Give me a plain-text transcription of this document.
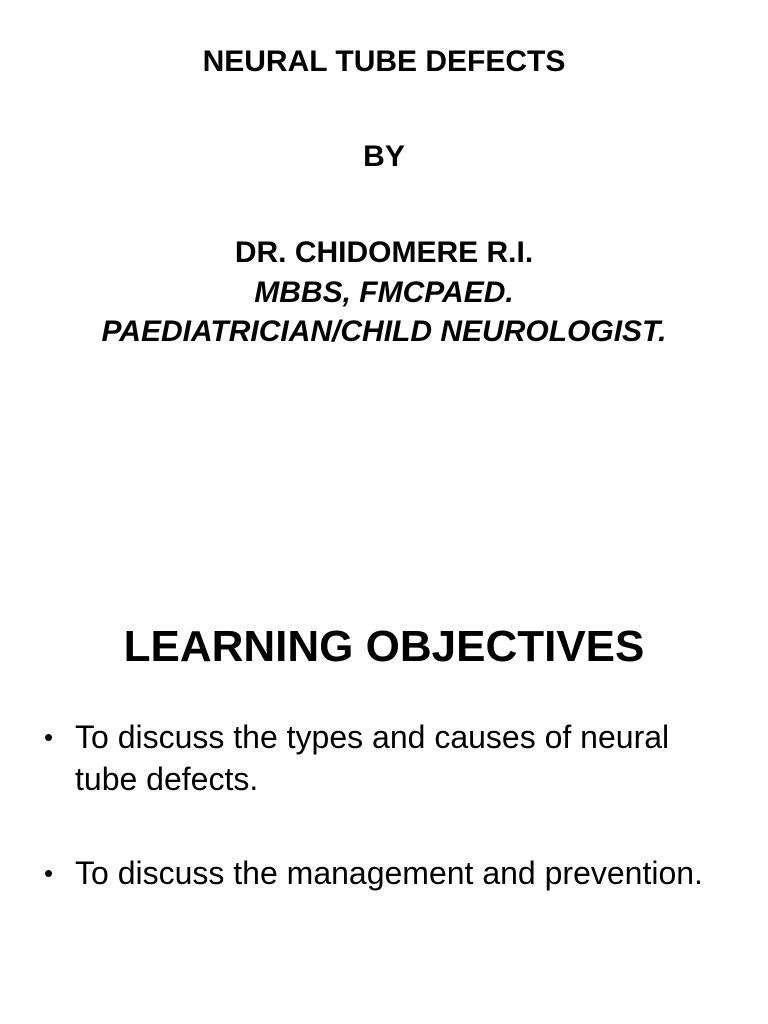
NEURAL TUBE DEFECTS

BY

DR. CHIDOMERE R.I.

MBBS, FMCPAED.

PAEDIATRICIAN/CHILD NEUROLOGIST.

LEARNING OBJECTIVES
• To discuss the types and causes of neural tube defects.
• To discuss the management and prevention.
